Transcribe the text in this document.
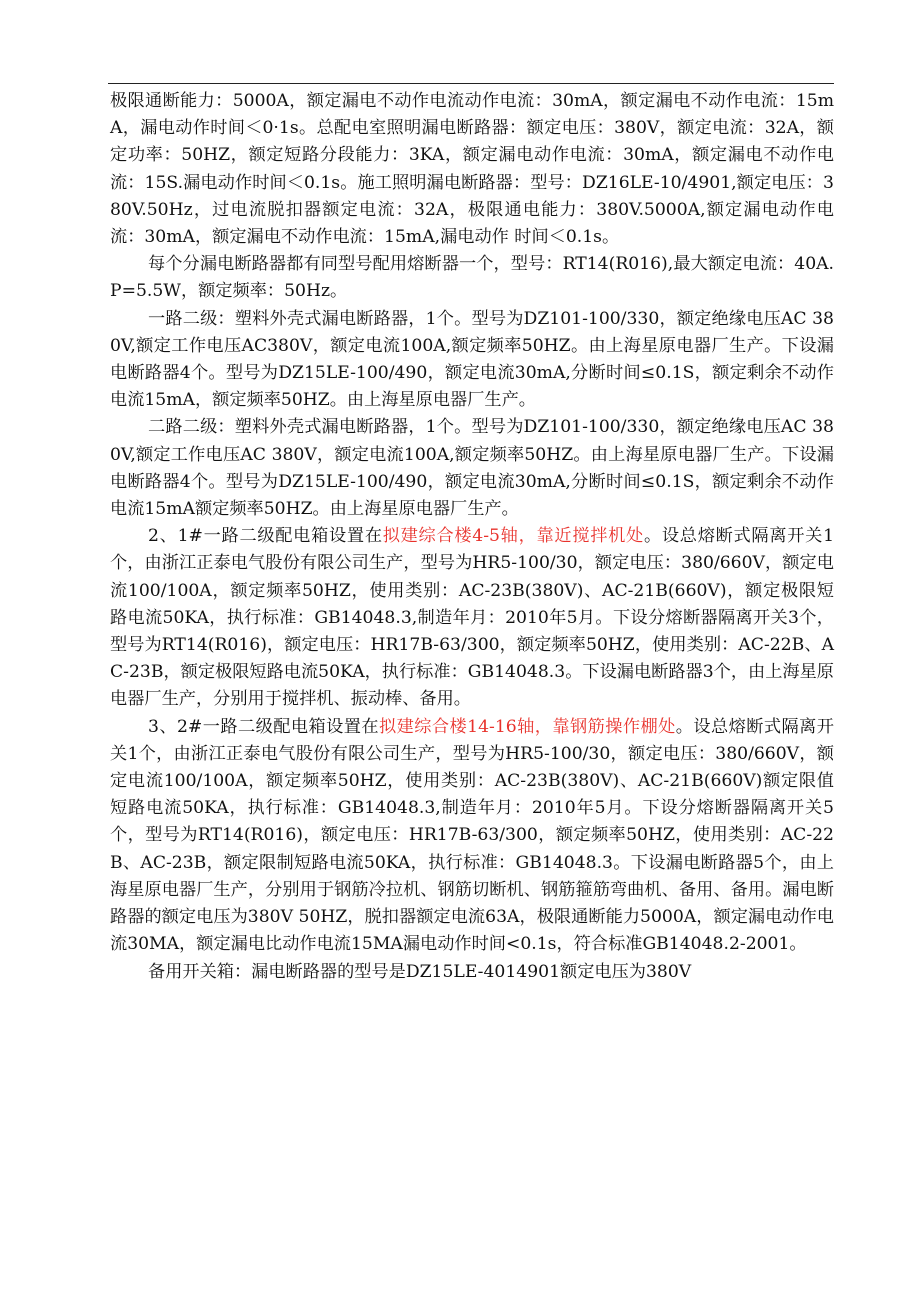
极限通断能力：5000A，额定漏电不动作电流动作电流：30mA，额定漏电不动作电流：15mA，漏电动作时间＜0·1s。总配电室照明漏电断路器：额定电压：380V，额定电流：32A，额定功率：50HZ，额定短路分段能力：3KA，额定漏电动作电流：30mA，额定漏电不动作电流：15S.漏电动作时间＜0.1s。施工照明漏电断路器：型号：DZ16LE-10/4901,额定电压：380V.50Hz，过电流脱扣器额定电流：32A，极限通电能力：380V.5000A,额定漏电动作电流：30mA，额定漏电不动作电流：15mA,漏电动作 时间＜0.1s。

每个分漏电断路器都有同型号配用熔断器一个，型号：RT14(R016),最大额定电流：40A.P=5.5W，额定频率：50Hz。

一路二级：塑料外壳式漏电断路器，1个。型号为DZ101-100/330，额定绝缘电压AC 380V,额定工作电压AC380V，额定电流100A,额定频率50HZ。由上海星原电器厂生产。下设漏电断路器4个。型号为DZ15LE-100/490，额定电流30mA,分断时间≤0.1S，额定剩余不动作电流15mA，额定频率50HZ。由上海星原电器厂生产。

二路二级：塑料外壳式漏电断路器，1个。型号为DZ101-100/330，额定绝缘电压AC 380V,额定工作电压AC 380V，额定电流100A,额定频率50HZ。由上海星原电器厂生产。下设漏电断路器4个。型号为DZ15LE-100/490，额定电流30mA,分断时间≤0.1S，额定剩余不动作电流15mA额定频率50HZ。由上海星原电器厂生产。

2、1#一路二级配电箱设置在拟建综合楼4-5轴，靠近搅拌机处。设总熔断式隔离开关1个，由浙江正泰电气股份有限公司生产，型号为HR5-100/30，额定电压：380/660V，额定电流100/100A，额定频率50HZ，使用类别：AC-23B(380V)、AC-21B(660V)，额定极限短路电流50KA，执行标准：GB14048.3,制造年月：2010年5月。下设分熔断器隔离开关3个，型号为RT14(R016)，额定电压：HR17B-63/300，额定频率50HZ，使用类别：AC-22B、AC-23B，额定极限短路电流50KA，执行标准：GB14048.3。下设漏电断路器3个，由上海星原电器厂生产，分别用于搅拌机、振动棒、备用。

3、2#一路二级配电箱设置在拟建综合楼14-16轴，靠钢筋操作棚处。设总熔断式隔离开关1个，由浙江正泰电气股份有限公司生产，型号为HR5-100/30，额定电压：380/660V，额定电流100/100A，额定频率50HZ，使用类别：AC-23B(380V)、AC-21B(660V)额定限值短路电流50KA，执行标准：GB14048.3,制造年月：2010年5月。下设分熔断器隔离开关5个，型号为RT14(R016)，额定电压：HR17B-63/300，额定频率50HZ，使用类别：AC-22B、AC-23B，额定限制短路电流50KA，执行标准：GB14048.3。下设漏电断路器5个，由上海星原电器厂生产，分别用于钢筋冷拉机、钢筋切断机、钢筋箍筋弯曲机、备用、备用。漏电断路器的额定电压为380V 50HZ，脱扣器额定电流63A，极限通断能力5000A，额定漏电动作电流30MA，额定漏电比动作电流15MA漏电动作时间<0.1s，符合标准GB14048.2-2001。

备用开关箱：漏电断路器的型号是DZ15LE-4014901额定电压为380V
